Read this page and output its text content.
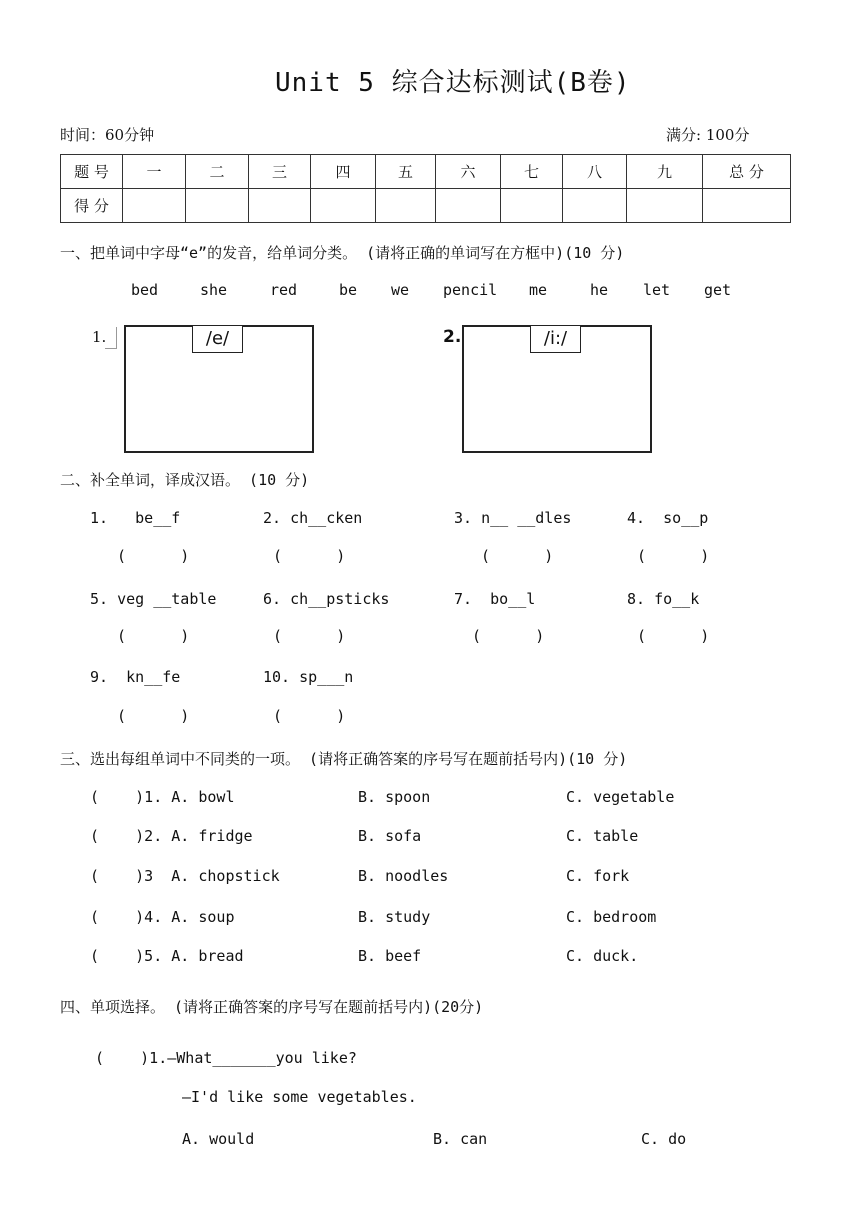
Unit 5 综合达标测试(B卷)
时间：60分钟	满分: 100分
题 号	一	二	三	四	五	六	七	八	九	总 分
得 分										
一、把单词中字母“e”的发音，给单词分类。 (请将正确的单词写在方框中)(10 分)
bed	she	red	be we pencil me	he let get
1.	/e/	2.	/i:/
二、补全单词，译成汉语。 (10 分)
1.   be__f	2. ch__cken	3. n__ __dles	4.  so__p
(      )	(      )	(      )	(      )
5. veg __table	6. ch__psticks	7.  bo__l	8. fo__k
(      )	(      )	(      )	(      )
9.  kn__fe	10. sp___n
(      )	(      )
三、选出每组单词中不同类的一项。 (请将正确答案的序号写在题前括号内)(10 分)
(    )1. A. bowl	B. spoon	C. vegetable
(    )2. A. fridge	B. sofa	C. table
(    )3  A. chopstick	B. noodles	C. fork
(    )4. A. soup	B. study	C. bedroom
(    )5. A. bread	B. beef	C. duck.
四、单项选择。 (请将正确答案的序号写在题前括号内)(20分)
(    )1.—What_______you like?
—I'd like some vegetables.
A. would	B. can	C. do
